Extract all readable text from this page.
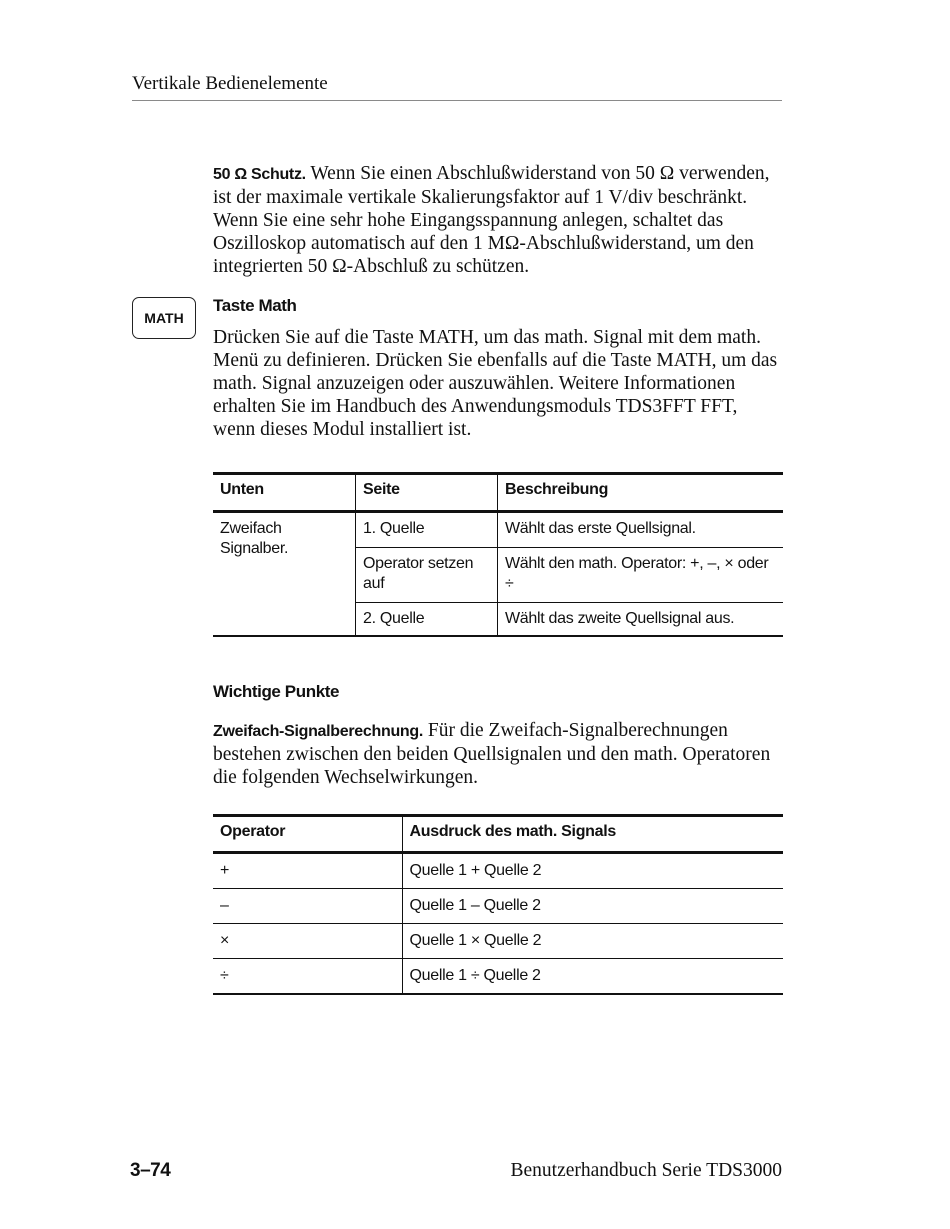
Vertikale Bedienelemente

50 Ω Schutz. Wenn Sie einen Abschlußwiderstand von 50 Ω verwenden, ist der maximale vertikale Skalierungsfaktor auf 1 V/div beschränkt. Wenn Sie eine sehr hohe Eingangsspannung anlegen, schaltet das Oszilloskop automatisch auf den 1 MΩ-Abschlußwiderstand, um den integrierten 50 Ω-Abschluß zu schützen.

MATH
Taste Math

Drücken Sie auf die Taste MATH, um das math. Signal mit dem math. Menü zu definieren. Drücken Sie ebenfalls auf die Taste MATH, um das math. Signal anzuzeigen oder auszuwählen. Weitere Informationen erhalten Sie im Handbuch des Anwendungsmoduls TDS3FFT FFT, wenn dieses Modul installiert ist.

Unten	Seite	Beschreibung
Zweifach Signalber.	1. Quelle	Wählt das erste Quellsignal.
	Operator setzen auf	Wählt den math. Operator: +, –, × oder ÷
	2. Quelle	Wählt das zweite Quellsignal aus.
Wichtige Punkte

Zweifach-Signalberechnung. Für die Zweifach-Signalberechnungen bestehen zwischen den beiden Quellsignalen und den math. Operatoren die folgenden Wechselwirkungen.

Operator	Ausdruck des math. Signals
+	Quelle 1 + Quelle 2
–	Quelle 1 – Quelle 2
×	Quelle 1 × Quelle 2
÷	Quelle 1 ÷ Quelle 2
3–74	Benutzerhandbuch Serie TDS3000
